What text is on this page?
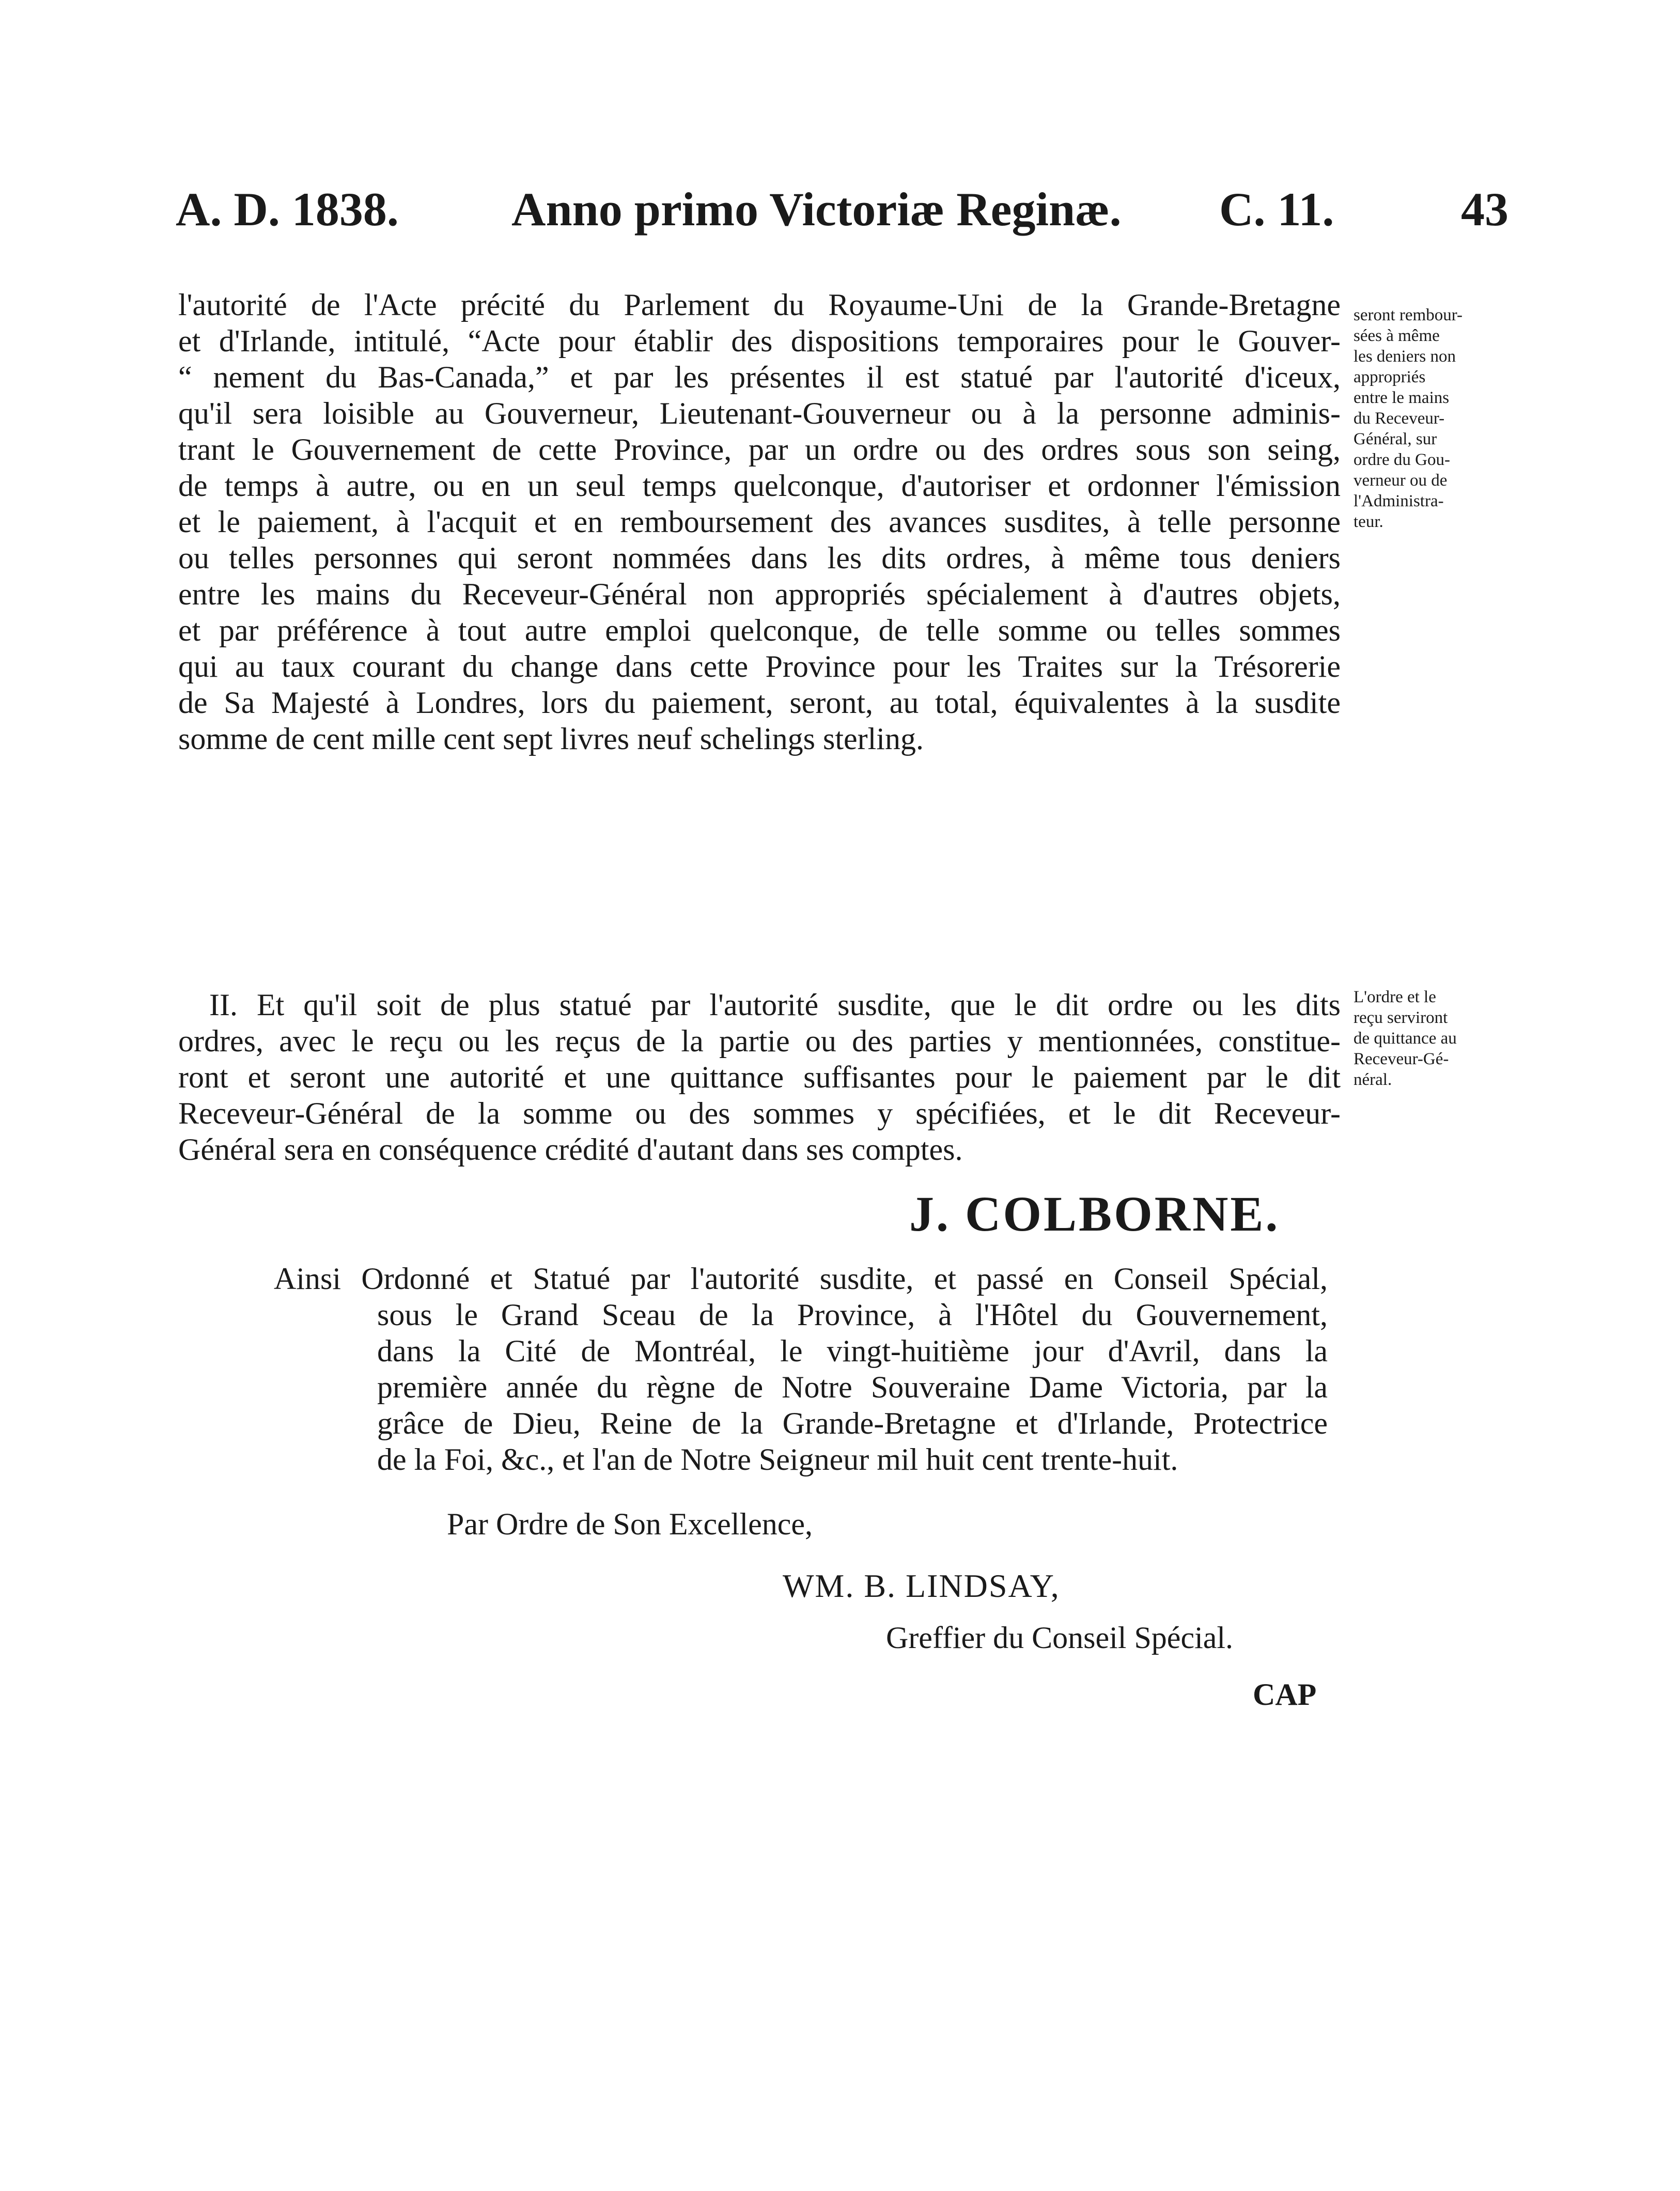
A. D. 1838. Anno primo Victoriæ Reginæ. C. 11.	43
l'autorité de l'Acte précité du Parlement du Royaume-Uni de la Grande-Bretagne
et d'Irlande, intitulé, “Acte pour établir des dispositions temporaires pour le Gouver-
“ nement du Bas-Canada,” et par les présentes il est statué par l'autorité d'iceux,
qu'il sera loisible au Gouverneur, Lieutenant-Gouverneur ou à la personne adminis-
trant le Gouvernement de cette Province, par un ordre ou des ordres sous son seing,
de temps à autre, ou en un seul temps quelconque, d'autoriser et ordonner l'émission
et le paiement, à l'acquit et en remboursement des avances susdites, à telle personne
ou telles personnes qui seront nommées dans les dits ordres, à même tous deniers
entre les mains du Receveur-Général non appropriés spécialement à d'autres objets,
et par préférence à tout autre emploi quelconque, de telle somme ou telles sommes
qui au taux courant du change dans cette Province pour les Traites sur la Trésorerie
de Sa Majesté à Londres, lors du paiement, seront, au total, équivalentes à la susdite
somme de cent mille cent sept livres neuf schelings sterling.
seront rembour-
sées à même
les deniers non
appropriés
entre le mains
du Receveur-
Général, sur
ordre du Gou-
verneur ou de
l'Administra-
teur.
II. Et qu'il soit de plus statué par l'autorité susdite, que le dit ordre ou les dits
ordres, avec le reçu ou les reçus de la partie ou des parties y mentionnées, constitue-
ront et seront une autorité et une quittance suffisantes pour le paiement par le dit
Receveur-Général de la somme ou des sommes y spécifiées, et le dit Receveur-
Général sera en conséquence crédité d'autant dans ses comptes.
L'ordre et le
reçu serviront
de quittance au
Receveur-Gé-
néral.
J. COLBORNE.
Ainsi Ordonné et Statué par l'autorité susdite, et passé en Conseil Spécial,
sous le Grand Sceau de la Province, à l'Hôtel du Gouvernement,
dans la Cité de Montréal, le vingt-huitième jour d'Avril, dans la
première année du règne de Notre Souveraine Dame Victoria, par la
grâce de Dieu, Reine de la Grande-Bretagne et d'Irlande, Protectrice
de la Foi, &c., et l'an de Notre Seigneur mil huit cent trente-huit.
Par Ordre de Son Excellence,
WM. B. LINDSAY,
Greffier du Conseil Spécial.
CAP
